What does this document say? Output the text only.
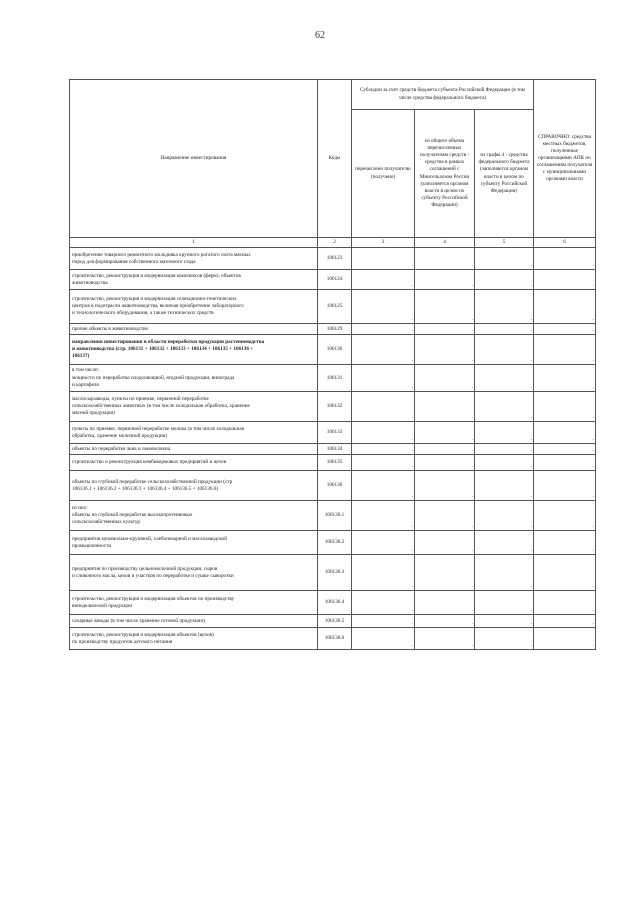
62
Направление инвестирования	Коды	Субсидии за счет средств бюджета субъекта Российской Федерации (в том числе средства федерального бюджета)			СПРАВОЧНО: средства местных бюджетов, полученные организациями АПК по соглашениям получателя с муниципальными органами власти
		перечислено получателю (получено)	из общего объема перечисленных получателям средств - средства в рамках соглашений с Минсельхозом России (заполняется органом власти в целом по субъекту Российской Федерации)	из графы 4 - средства федерального бюджета (заполняется органом власти в целом по субъекту Российской Федерации)	
1	2	3	4	5	6

приобретение товарного ремонтного молодняка крупного рогатого скота мясных
пород для формирования собственного маточного стада	106123	.	.	.	.

строительство, реконструкция и модернизация комплексов (ферм), объектов
животноводства	106124	.	.	.	.

строительство, реконструкция и модернизация селекционно-генетических
центров в подотрасли животноводства, включая приобретение лабораторного
и технологического оборудования, а также технических средств	106125	.	.	.	.

прочие объекты в животноводстве	106129	.	.	.	.

направления инвестирования в области переработки продукции растениеводства
и животноводства (стр. 106131 + 106132 + 106133 + 106134 + 106135 + 106136 +
106137)	106130	.	.	.	.

в том числе:
мощности по переработке плодоовощной, ягодной продукции, винограда
и картофеля	106131	.	.	.	.

маслосырзаводы, пункты по приемке, первичной переработке
сельскохозяйственных животных (в том числе холодильная обработка, хранение
мясной продукции)	106132	.	.	.	.

пункты по приемке, первичной переработке молока (в том числе холодильная
обработка, хранение молочной продукции)	106133	.	.	.	.

объекты по переработке льна и льноволокна	106134	.	.	.	.

строительство и реконструкция комбикормовых предприятий и цехов	106135	.	.	.	.

объекты по глубокой переработке сельскохозяйственной продукции (стр
106136.1 + 106136.2 + 106136.3 + 106136.4 + 106136.5 + 106136.6)	106136	.	.	.	.

из них:
объекты по глубокой переработке высокопротеиновых
сельскохозяйственных культур	106136.1	.	.	.	.

предприятия мукомольно-крупяной, хлебопекарной и маслозаводской
промышленности	106136.2	.	.	.	.

предприятия по производству цельномолочной продукции, сыров
и сливочного масла, цехов и участков по переработке и сушке сыворотки	106136.3	.	.	.	.

строительство, реконструкция и модернизация объектов по производству
винодельческой продукции	106136.4	.	.	.	.

сахарные заводы (в том числе хранение готовой продукции)	106136.5	.	.	.	.

строительство, реконструкция и модернизация объектов (цехов)
по производству продуктов детского питания	106136.6	.	.	.	.
